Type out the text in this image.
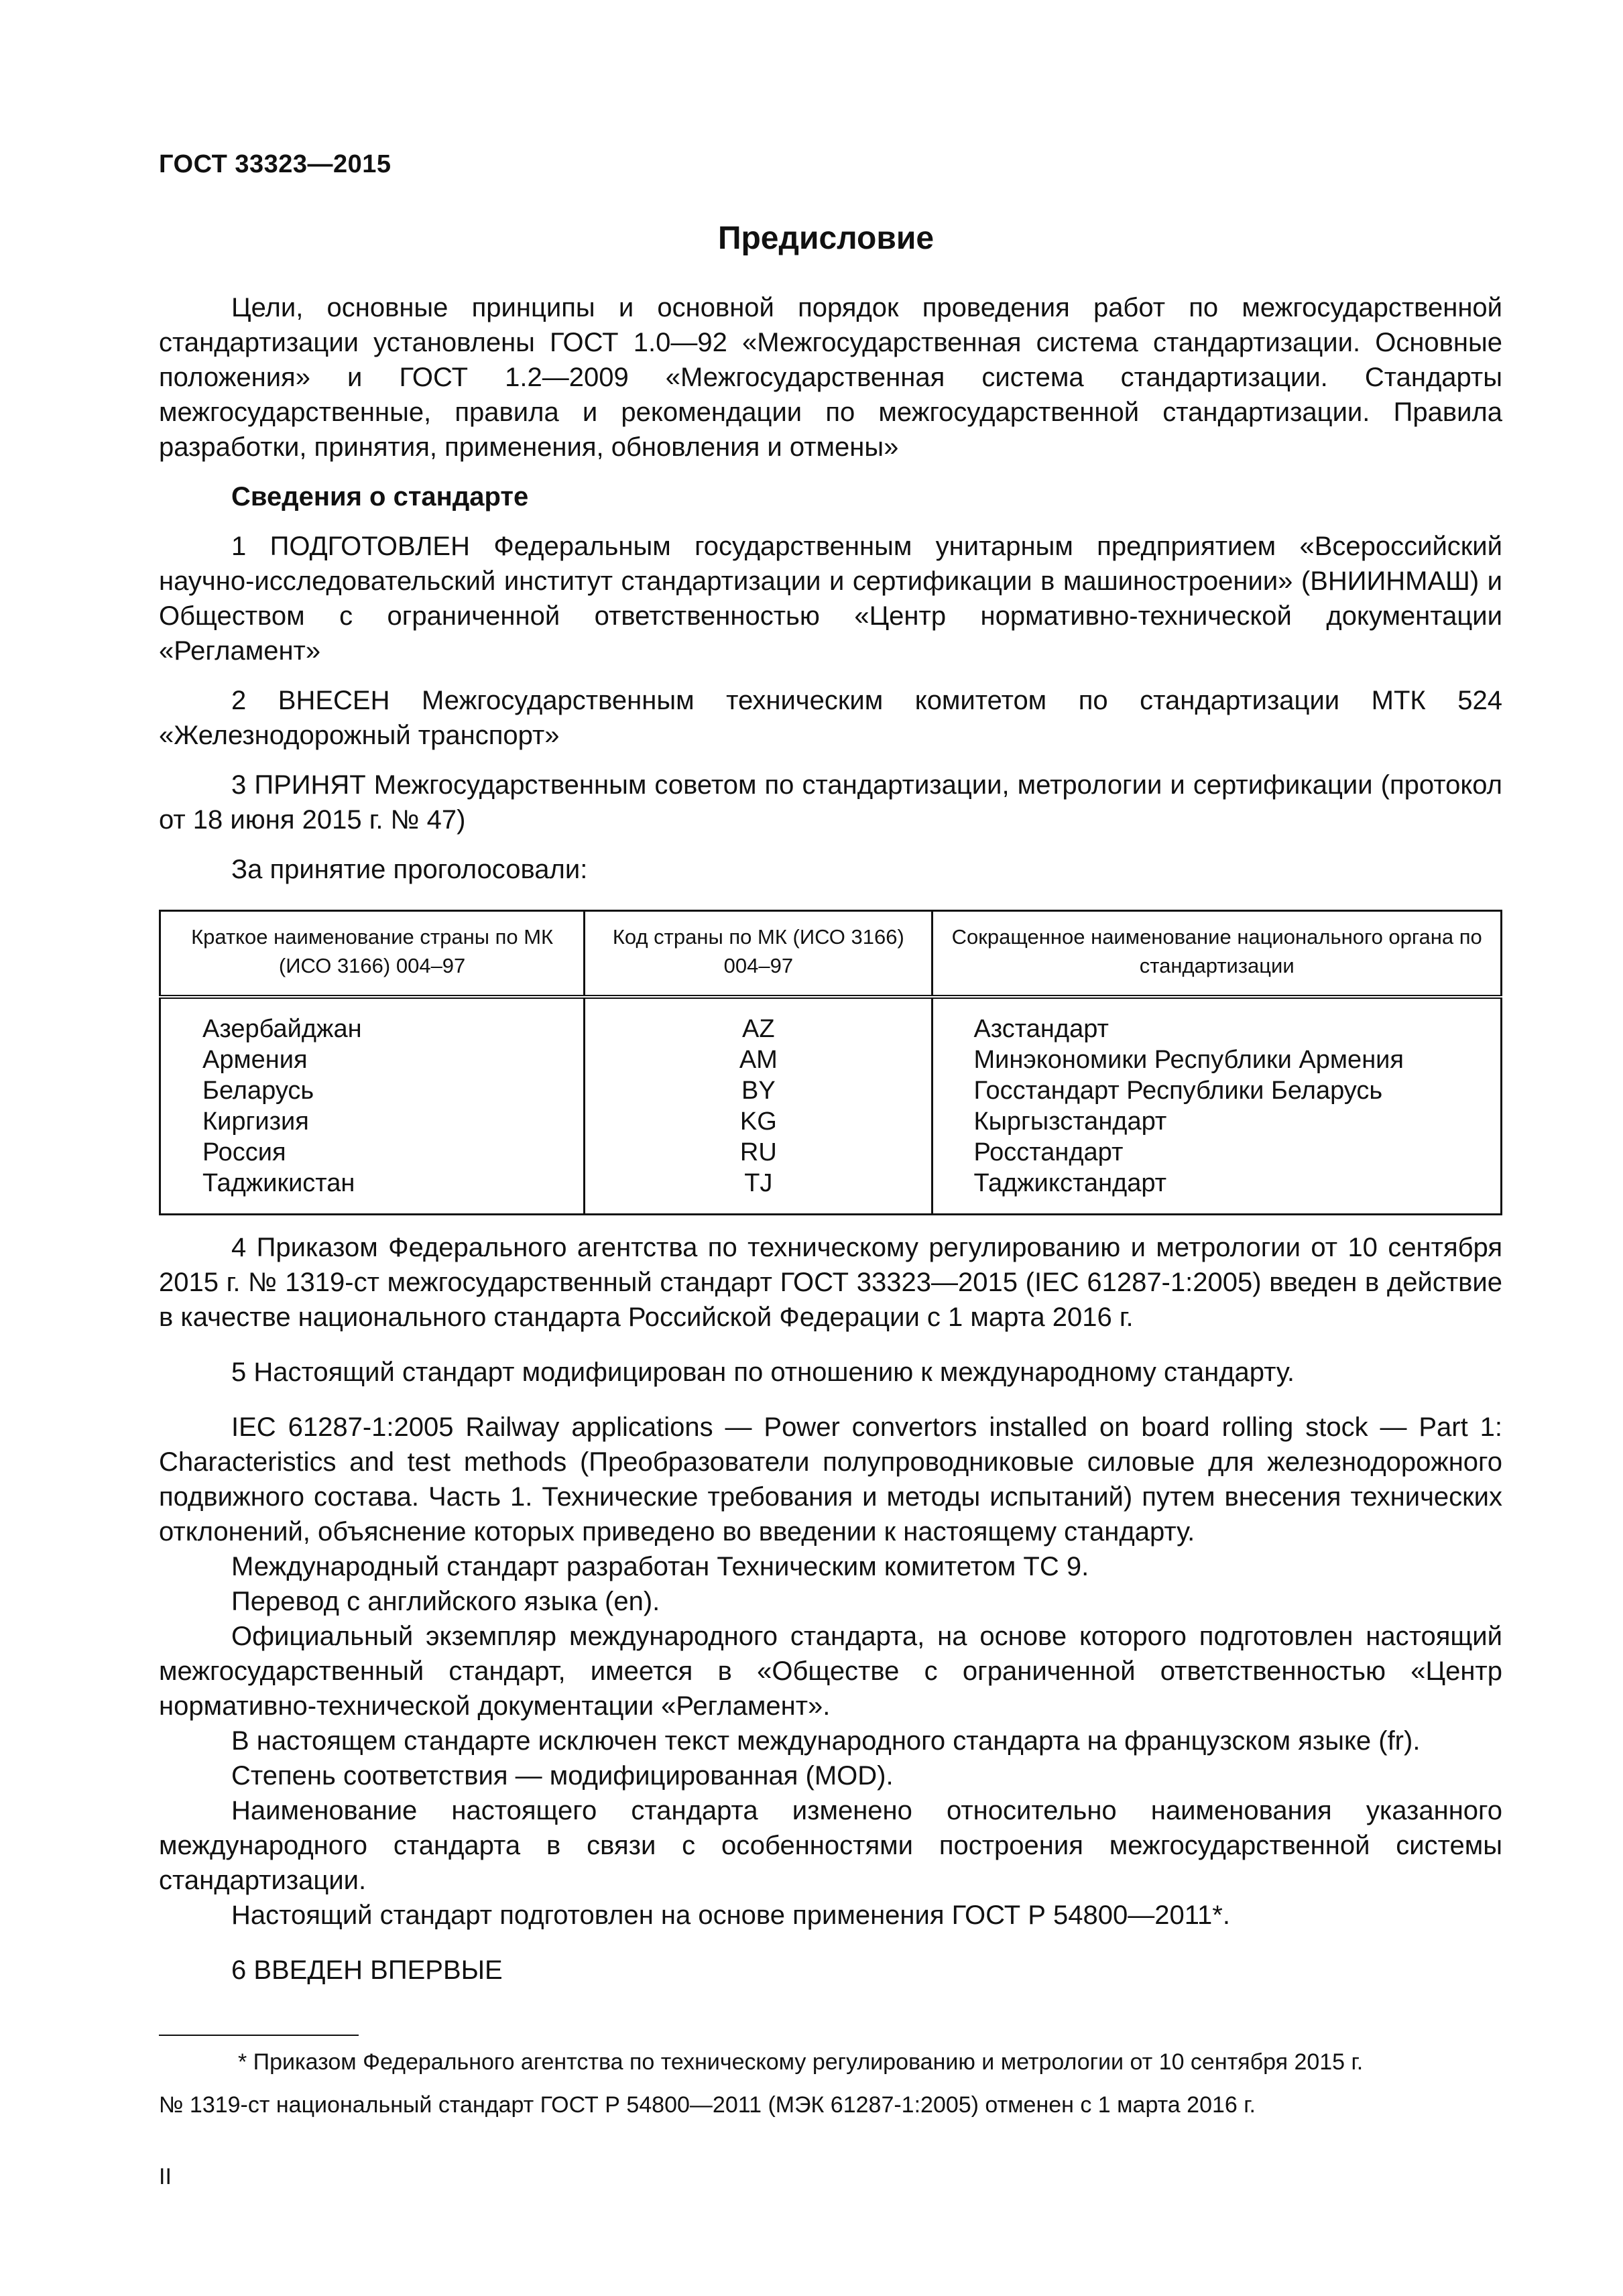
ГОСТ 33323—2015
Предисловие

Цели, основные принципы и основной порядок проведения работ по межгосударственной стандартизации установлены ГОСТ 1.0—92 «Межгосударственная система стандартизации. Основные положения» и ГОСТ 1.2—2009 «Межгосударственная система стандартизации. Стандарты межгосударственные, правила и рекомендации по межгосударственной стандартизации. Правила разработки, принятия, применения, обновления и отмены»

Сведения о стандарте

1 ПОДГОТОВЛЕН Федеральным государственным унитарным предприятием «Всероссийский научно-исследовательский институт стандартизации и сертификации в машиностроении» (ВНИИНМАШ) и Обществом с ограниченной ответственностью «Центр нормативно-технической документации «Регламент»

2 ВНЕСЕН Межгосударственным техническим комитетом по стандартизации МТК 524 «Железнодорожный транспорт»

3 ПРИНЯТ Межгосударственным советом по стандартизации, метрологии и сертификации (протокол от 18 июня 2015 г. № 47)

За принятие проголосовали:

Краткое наименование страны по МК (ИСО 3166) 004–97	Код страны по МК (ИСО 3166) 004–97	Сокращенное наименование национального органа по стандартизации
Азербайджан	AZ	Азстандарт
Армения	AM	Минэкономики Республики Армения
Беларусь	BY	Госстандарт Республики Беларусь
Киргизия	KG	Кыргызстандарт
Россия	RU	Росстандарт
Таджикистан	TJ	Таджикстандарт

4 Приказом Федерального агентства по техническому регулированию и метрологии от 10 сентября 2015 г. № 1319-ст межгосударственный стандарт ГОСТ 33323—2015 (IEC 61287-1:2005) введен в действие в качестве национального стандарта Российской Федерации с 1 марта 2016 г.

5 Настоящий стандарт модифицирован по отношению к международному стандарту.

IEC 61287-1:2005 Railway applications — Power convertors installed on board rolling stock — Part 1: Characteristics and test methods (Преобразователи полупроводниковые силовые для железнодорожного подвижного состава. Часть 1. Технические требования и методы испытаний) путем внесения технических отклонений, объяснение которых приведено во введении к настоящему стандарту.

Международный стандарт разработан Техническим комитетом TC 9.

Перевод с английского языка (en).

Официальный экземпляр международного стандарта, на основе которого подготовлен настоящий межгосударственный стандарт, имеется в «Обществе с ограниченной ответственностью «Центр нормативно-технической документации «Регламент».

В настоящем стандарте исключен текст международного стандарта на французском языке (fr).

Степень соответствия — модифицированная (MOD).

Наименование настоящего стандарта изменено относительно наименования указанного международного стандарта в связи с особенностями построения межгосударственной системы стандартизации.

Настоящий стандарт подготовлен на основе применения ГОСТ Р 54800—2011*.

6 ВВЕДЕН ВПЕРВЫЕ

* Приказом Федерального агентства по техническому регулированию и метрологии от 10 сентября 2015 г.

№ 1319-ст национальный стандарт ГОСТ Р 54800—2011 (МЭК 61287-1:2005) отменен с 1 марта 2016 г.

II
